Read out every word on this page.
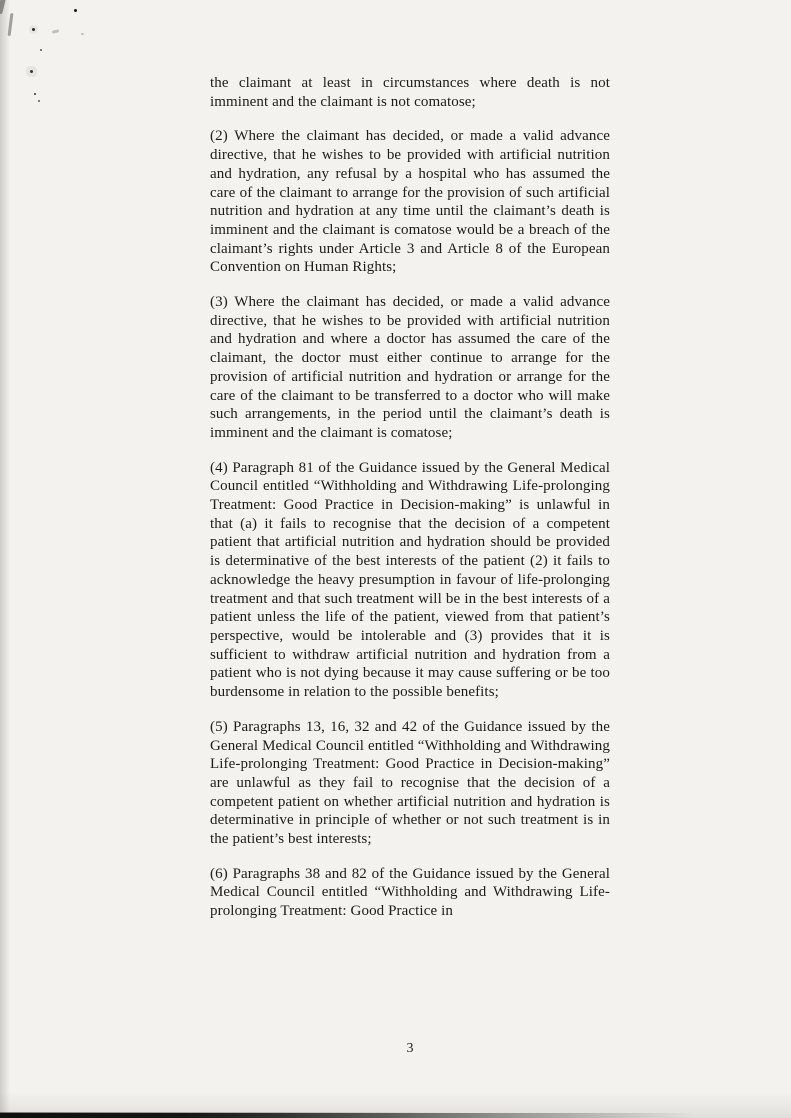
the claimant at least in circumstances where death is not imminent and the claimant is not comatose;

(2) Where the claimant has decided, or made a valid advance directive, that he wishes to be provided with artificial nutrition and hydration, any refusal by a hospital who has assumed the care of the claimant to arrange for the provision of such artificial nutrition and hydration at any time until the claimant’s death is imminent and the claimant is comatose would be a breach of the claimant’s rights under Article 3 and Article 8 of the European Convention on Human Rights;

(3) Where the claimant has decided, or made a valid advance directive, that he wishes to be provided with artificial nutrition and hydration and where a doctor has assumed the care of the claimant, the doctor must either continue to arrange for the provision of artificial nutrition and hydration or arrange for the care of the claimant to be transferred to a doctor who will make such arrangements, in the period until the claimant’s death is imminent and the claimant is comatose;

(4) Paragraph 81 of the Guidance issued by the General Medical Council entitled “Withholding and Withdrawing Life-prolonging Treatment: Good Practice in Decision-making” is unlawful in that (a) it fails to recognise that the decision of a competent patient that artificial nutrition and hydration should be provided is determinative of the best interests of the patient (2) it fails to acknowledge the heavy presumption in favour of life-prolonging treatment and that such treatment will be in the best interests of a patient unless the life of the patient, viewed from that patient’s perspective, would be intolerable and (3) provides that it is sufficient to withdraw artificial nutrition and hydration from a patient who is not dying because it may cause suffering or be too burdensome in relation to the possible benefits;

(5) Paragraphs 13, 16, 32 and 42 of the Guidance issued by the General Medical Council entitled “Withholding and Withdrawing Life-prolonging Treatment: Good Practice in Decision-making” are unlawful as they fail to recognise that the decision of a competent patient on whether artificial nutrition and hydration is determinative in principle of whether or not such treatment is in the patient’s best interests;

(6) Paragraphs 38 and 82 of the Guidance issued by the General Medical Council entitled “Withholding and Withdrawing Life-prolonging Treatment: Good Practice in

3
